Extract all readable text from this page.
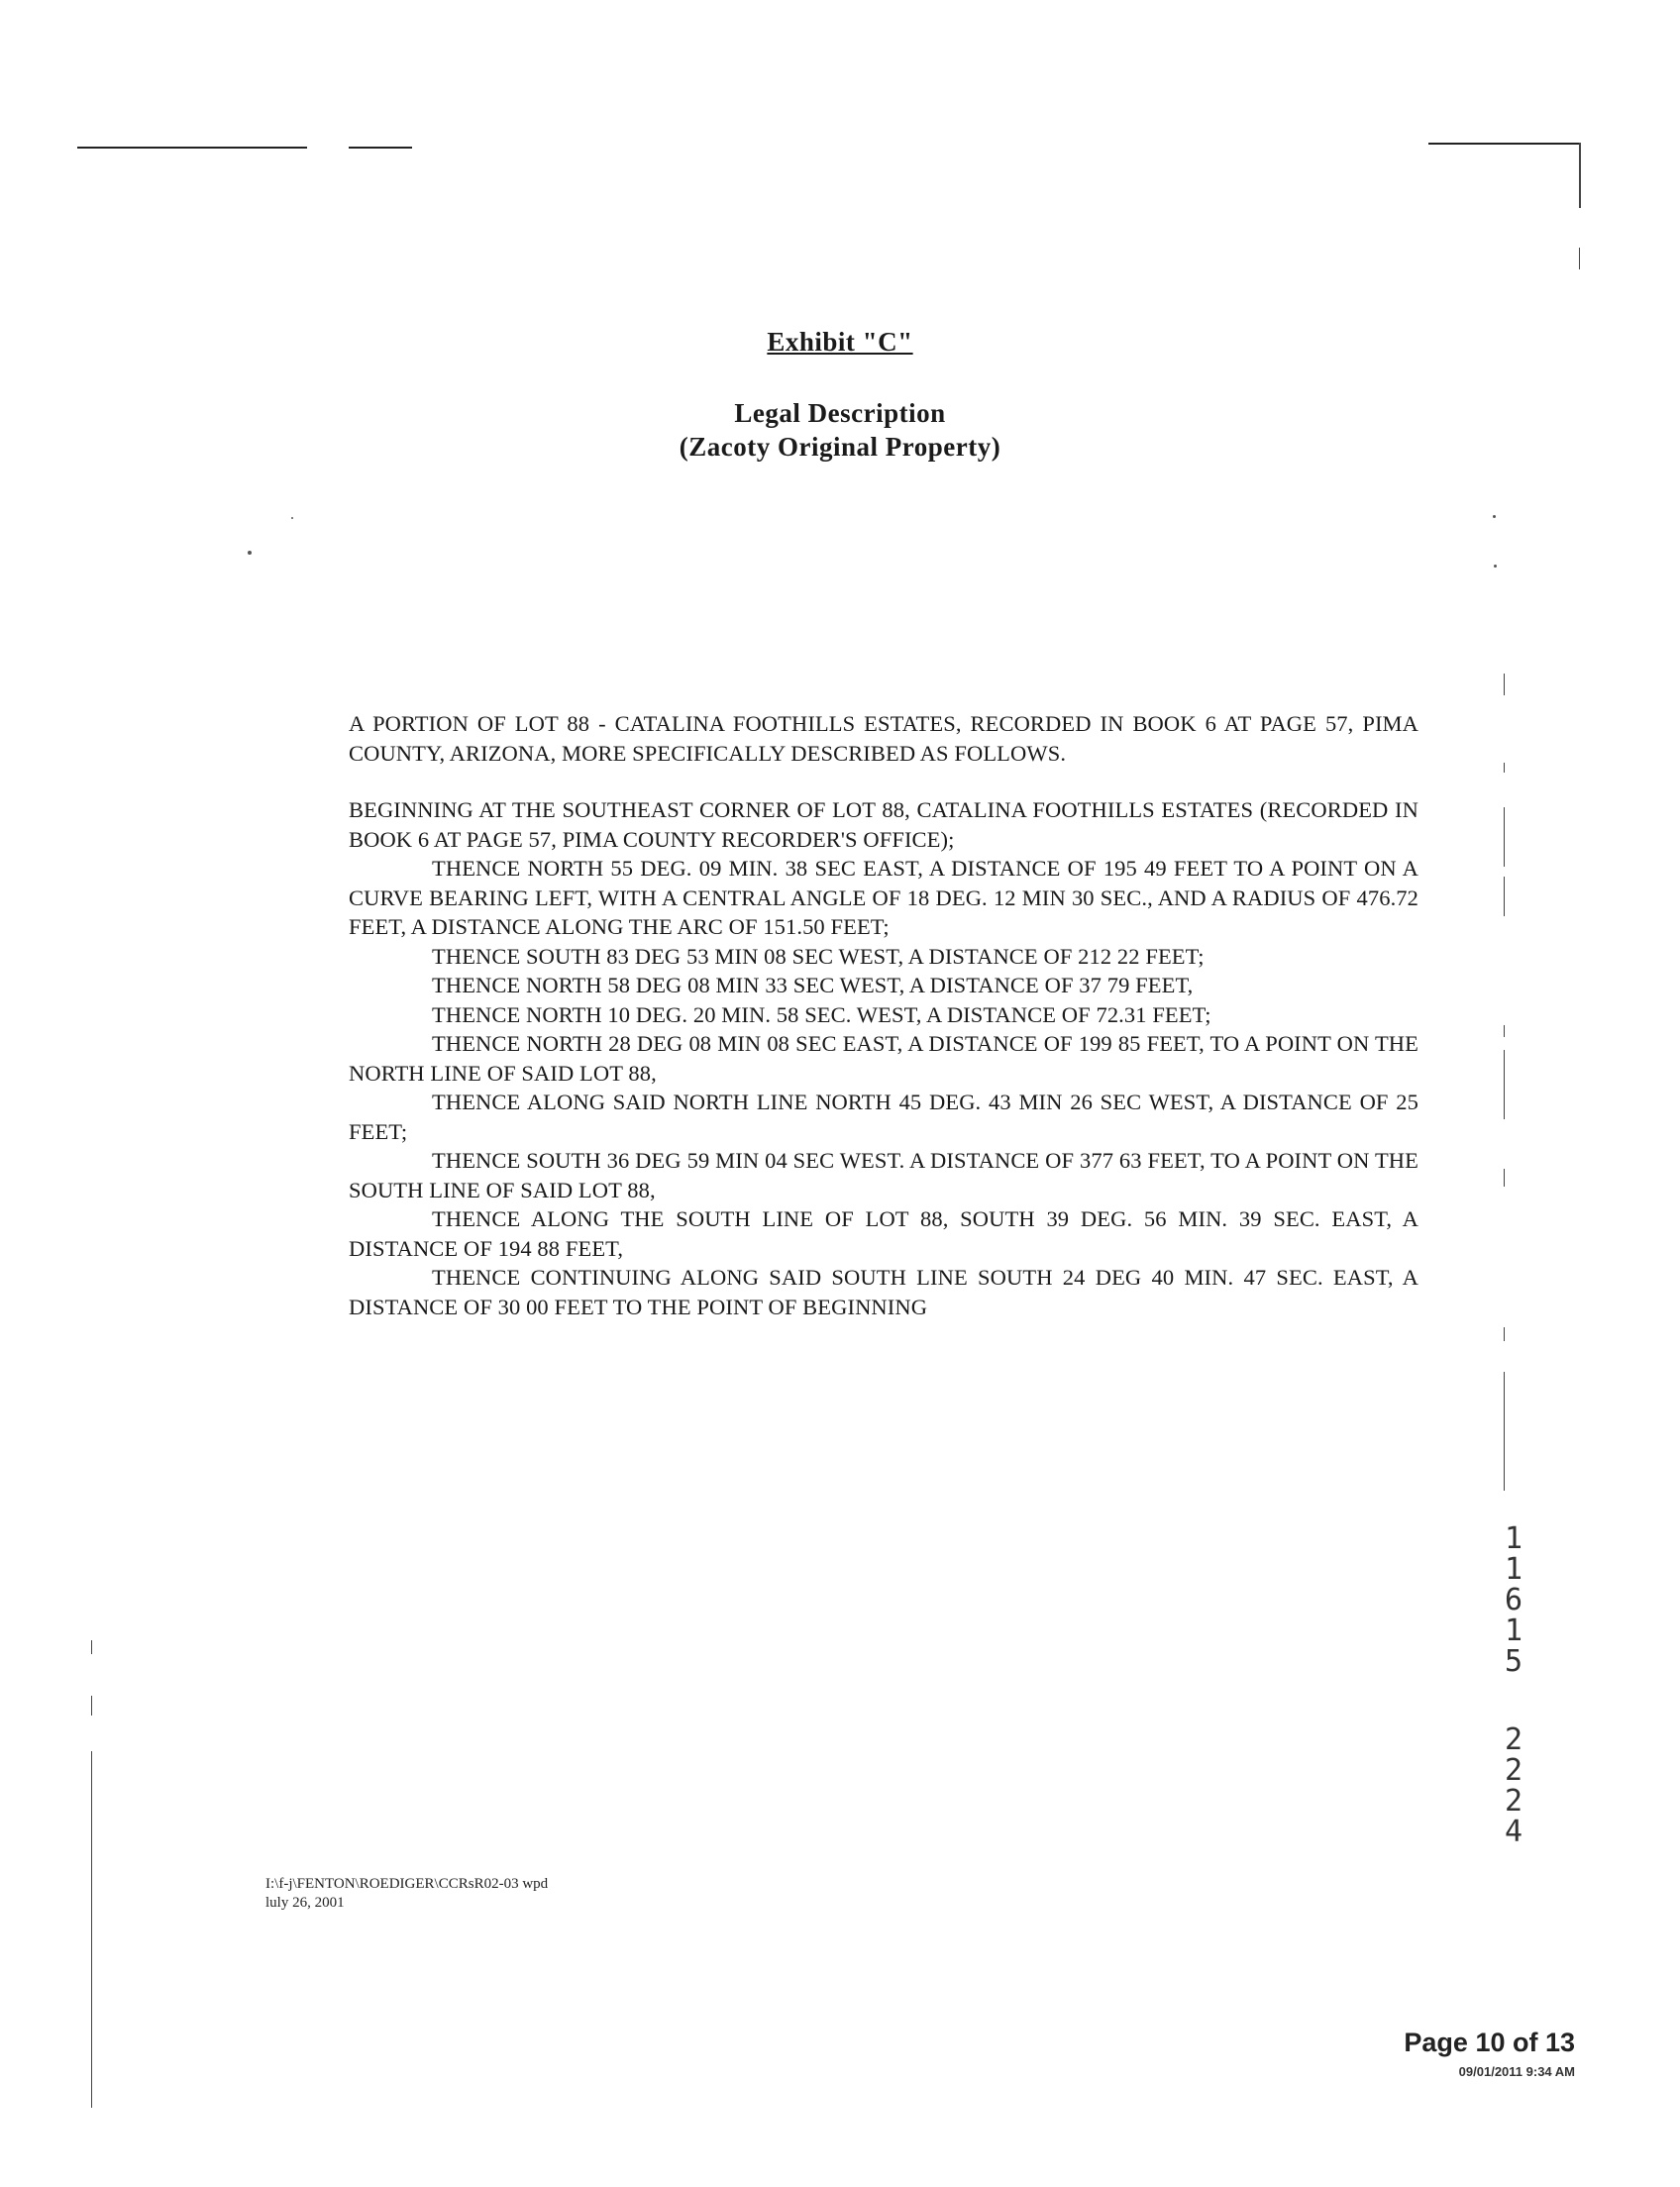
Exhibit "C"
Legal Description
(Zacoty Original Property)

A PORTION OF LOT 88 - CATALINA FOOTHILLS ESTATES, RECORDED IN BOOK 6 AT PAGE 57, PIMA COUNTY, ARIZONA, MORE SPECIFICALLY DESCRIBED AS FOLLOWS.

BEGINNING AT THE SOUTHEAST CORNER OF LOT 88, CATALINA FOOTHILLS ESTATES (RECORDED IN BOOK 6 AT PAGE 57, PIMA COUNTY RECORDER'S OFFICE);

THENCE NORTH 55 DEG. 09 MIN. 38 SEC EAST, A DISTANCE OF 195 49 FEET TO A POINT ON A CURVE BEARING LEFT, WITH A CENTRAL ANGLE OF 18 DEG. 12 MIN 30 SEC., AND A RADIUS OF 476.72 FEET, A DISTANCE ALONG THE ARC OF 151.50 FEET;

THENCE SOUTH 83 DEG 53 MIN 08 SEC WEST, A DISTANCE OF 212 22 FEET;

THENCE NORTH 58 DEG 08 MIN 33 SEC WEST, A DISTANCE OF 37 79 FEET,

THENCE NORTH 10 DEG. 20 MIN. 58 SEC. WEST, A DISTANCE OF 72.31 FEET;

THENCE NORTH 28 DEG 08 MIN 08 SEC EAST, A DISTANCE OF 199 85 FEET, TO A POINT ON THE NORTH LINE OF SAID LOT 88,

THENCE ALONG SAID NORTH LINE NORTH 45 DEG. 43 MIN 26 SEC WEST, A DISTANCE OF 25 FEET;

THENCE SOUTH 36 DEG 59 MIN 04 SEC WEST. A DISTANCE OF 377 63 FEET, TO A POINT ON THE SOUTH LINE OF SAID LOT 88,

THENCE ALONG THE SOUTH LINE OF LOT 88, SOUTH 39 DEG. 56 MIN. 39 SEC. EAST, A DISTANCE OF 194 88 FEET,

THENCE CONTINUING ALONG SAID SOUTH LINE SOUTH 24 DEG 40 MIN. 47 SEC. EAST, A DISTANCE OF 30 00 FEET TO THE POINT OF BEGINNING

11615
2224
I:\f-j\FENTON\ROEDIGER\CCRsR02-03 wpd
luly 26, 2001
Page 10 of 13
09/01/2011 9:34 AM
